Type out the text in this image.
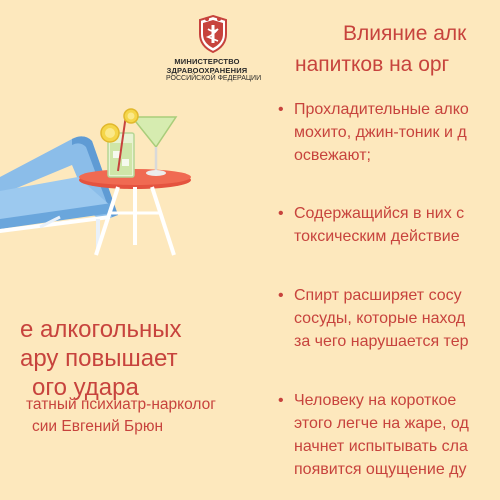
МИНИСТЕРСТВО
ЗДРАВООХРАНЕНИЯ
РОССИЙСКОЙ ФЕДЕРАЦИИ
Влияние алк
напитков на орг
• Прохладительные алко
мохито, джин-тоник и д
освежают;
• Содержащийся в них с
токсическим действие
• Спирт расширяет сосу
сосуды, которые наход
за чего нарушается тер
• Человеку на короткое
этого легче на жаре, од
начнет испытывать сла
появится ощущение ду
е алкогольных
ару повышает
ого удара
татный психиатр-нарколог
сии Евгений Брюн
